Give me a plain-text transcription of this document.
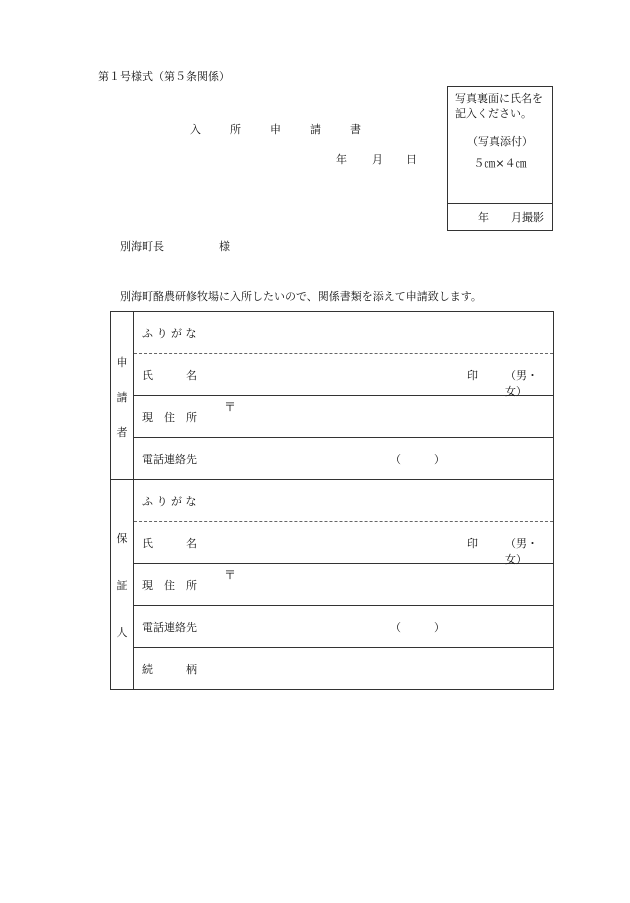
第１号様式（第５条関係）
入	所	申	請	書
年 月 日
写真裏面に氏名を記入ください。
（写真添付）
５㎝×４㎝
年 月撮影
別海町長　　　　　様
別海町酪農研修牧場に入所したいので、関係書類を添えて申請致します。
申
請
者
ふ り が な
氏　　　名	印 （男・女）
〒
現　住　所
電話連絡先	（　　　）
保
証
人
ふ り が な
氏　　　名	印 （男・女）
〒
現　住　所
電話連絡先	（　　　）
続　　　柄
